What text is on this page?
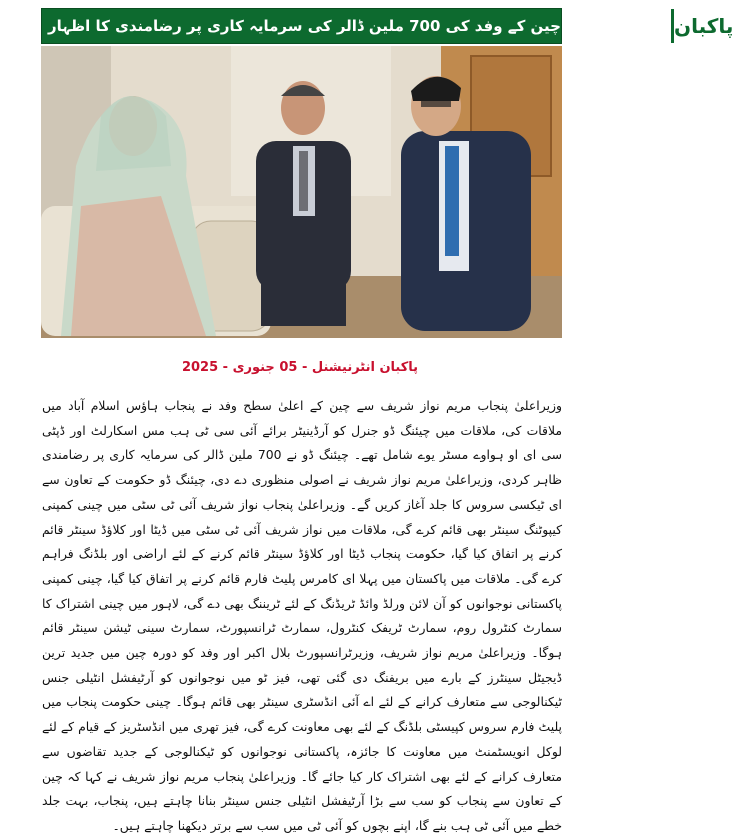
مریم نواز سے چین کے وفد کی 700 ملین ڈالر کی سرمایہ کاری پر رضامندی کا اظہار پاکبان
پاکبان انٹرنیشنل - 05 جنوری - 2025

وزیراعلیٰ پنجاب مریم نواز شریف سے چین کے اعلیٰ سطح وفد نے پنجاب ہاؤس اسلام آباد میں ملاقات کی، ملاقات میں چیئنگ ڈو جنرل کو آرڈینیٹر برائے آئی سی ٹی ہب مس اسکارلٹ اور ڈپٹی سی ای او ہواوے مسٹر یوے شامل تھے۔ چیئنگ ڈو نے 700 ملین ڈالر کی سرمایہ کاری پر رضامندی ظاہر کردی، وزیراعلیٰ مریم نواز شریف نے اصولی منظوری دے دی، چیئنگ ڈو حکومت کے تعاون سے ای ٹیکسی سروس کا جلد آغاز کریں گے۔ وزیراعلیٰ پنجاب نواز شریف آئی ٹی سٹی میں چینی کمپنی کیپوٹنگ سینٹر بھی قائم کرے گی، ملاقات میں نواز شریف آئی ٹی سٹی میں ڈیٹا اور کلاؤڈ سینٹر قائم کرنے پر اتفاق کیا گیا، حکومت پنجاب ڈیٹا اور کلاؤڈ سینٹر قائم کرنے کے لئے اراضی اور بلڈنگ فراہم کرے گی۔ ملاقات میں پاکستان میں پہلا ای کامرس پلیٹ فارم قائم کرنے پر اتفاق کیا گیا، چینی کمپنی پاکستانی نوجوانوں کو آن لائن ورلڈ وائڈ ٹریڈنگ کے لئے ٹریننگ بھی دے گی، لاہور میں چینی اشتراک کا سمارٹ کنٹرول روم، سمارٹ ٹریفک کنٹرول، سمارٹ ٹرانسپورٹ، سمارٹ سینی ٹیشن سینٹر قائم ہوگا۔ وزیراعلیٰ مریم نواز شریف، وزیرٹرانسپورٹ بلال اکبر اور وفد کو دورہ چین میں جدید ترین ڈیجیٹل سینٹرز کے بارے میں بریفنگ دی گئی تھی، فیز ٹو میں نوجوانوں کو آرٹیفشل انٹیلی جنس ٹیکنالوجی سے متعارف کرانے کے لئے اے آئی انڈسٹری سینٹر بھی قائم ہوگا۔ چینی حکومت پنجاب میں پلیٹ فارم سروس کپیسٹی بلڈنگ کے لئے بھی معاونت کرے گی، فیز تھری میں انڈسٹریز کے قیام کے لئے لوکل انویسٹمنٹ میں معاونت کا جائزہ، پاکستانی نوجوانوں کو ٹیکنالوجی کے جدید تقاضوں سے متعارف کرانے کے لئے بھی اشتراک کار کیا جائے گا۔ وزیراعلیٰ پنجاب مریم نواز شریف نے کہا کہ چین کے تعاون سے پنجاب کو سب سے بڑا آرٹیفشل انٹیلی جنس سینٹر بنانا چاہتے ہیں، پنجاب، بہت جلد خطے میں آئی ٹی ہب بنے گا، اپنے بچوں کو آئی ٹی میں سب سے برتر دیکھنا چاہتے ہیں۔
